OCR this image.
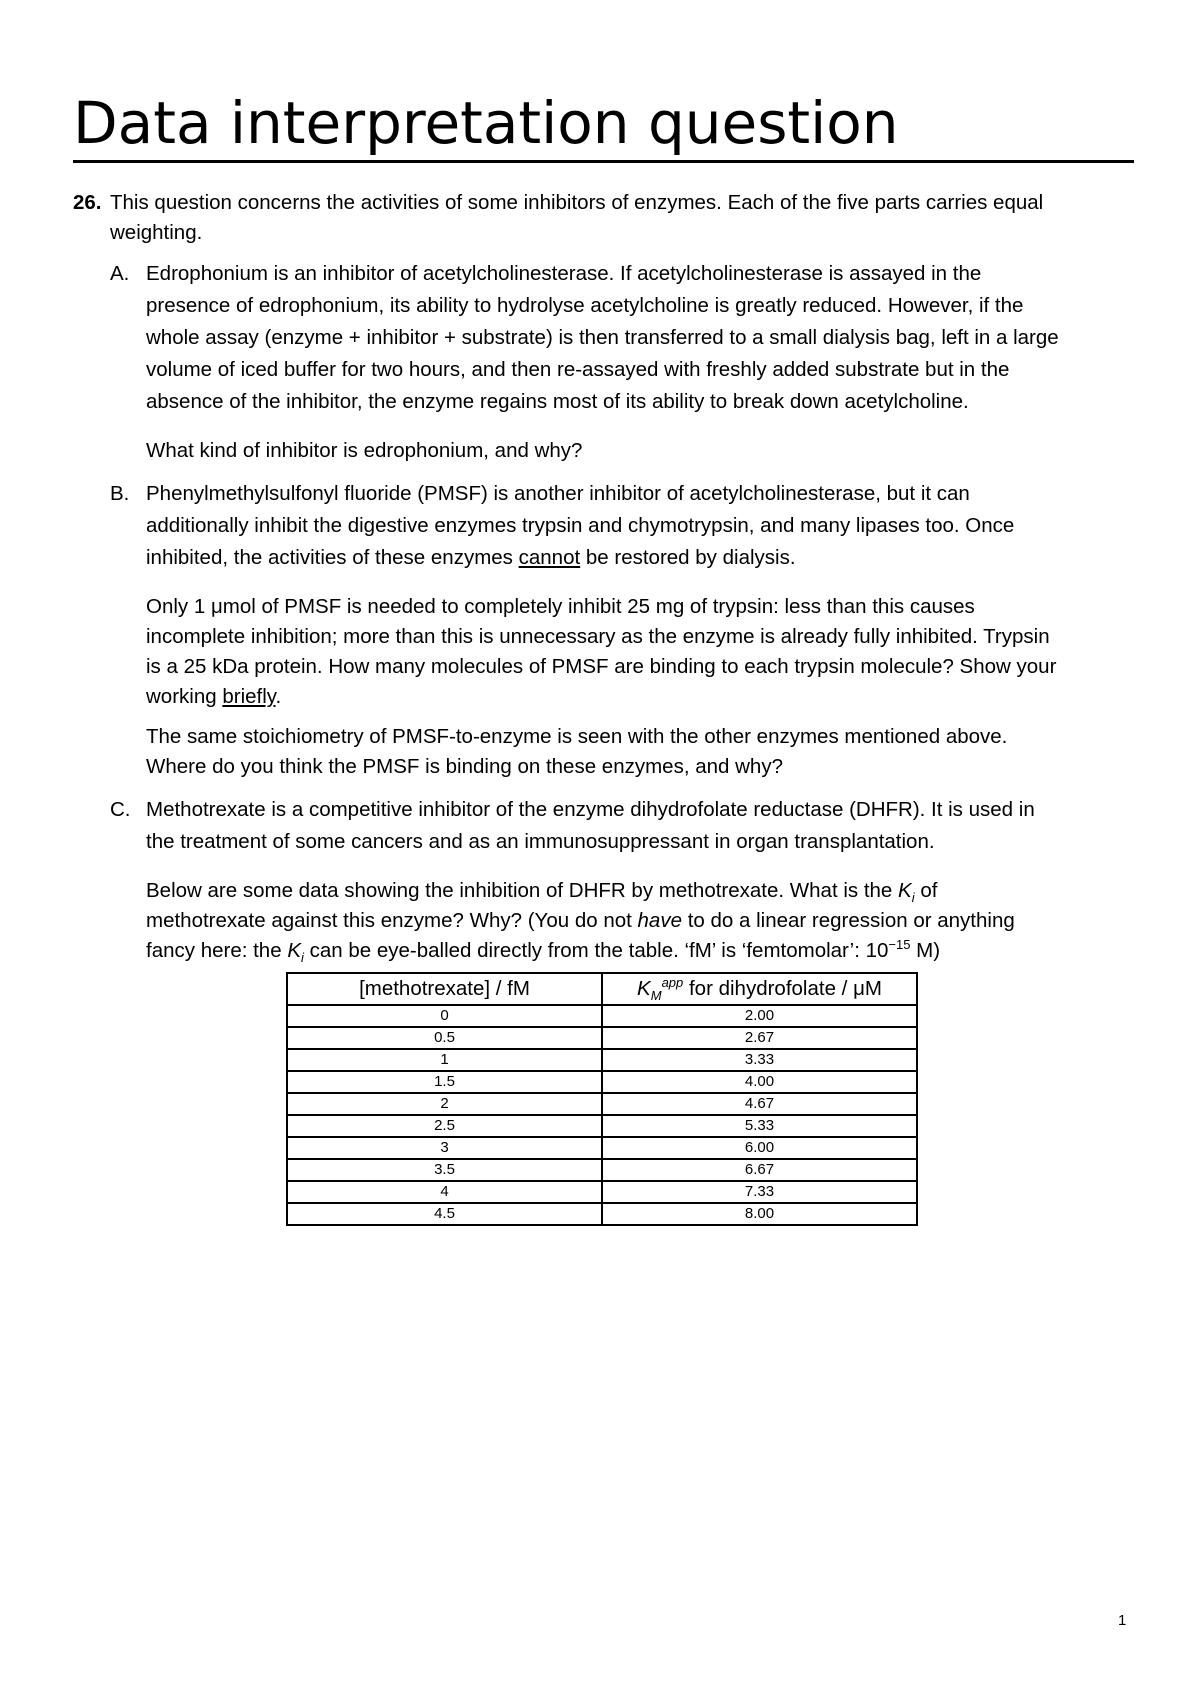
Data interpretation question
26. This question concerns the activities of some inhibitors of enzymes. Each of the five parts carries equal

weighting.

A. Edrophonium is an inhibitor of acetylcholinesterase. If acetylcholinesterase is assayed in the

presence of edrophonium, its ability to hydrolyse acetylcholine is greatly reduced. However, if the

whole assay (enzyme + inhibitor + substrate) is then transferred to a small dialysis bag, left in a large

volume of iced buffer for two hours, and then re-assayed with freshly added substrate but in the

absence of the inhibitor, the enzyme regains most of its ability to break down acetylcholine.

What kind of inhibitor is edrophonium, and why?

B. Phenylmethylsulfonyl fluoride (PMSF) is another inhibitor of acetylcholinesterase, but it can

additionally inhibit the digestive enzymes trypsin and chymotrypsin, and many lipases too. Once

inhibited, the activities of these enzymes cannot be restored by dialysis.

Only 1 μmol of PMSF is needed to completely inhibit 25 mg of trypsin: less than this causes

incomplete inhibition; more than this is unnecessary as the enzyme is already fully inhibited. Trypsin

is a 25 kDa protein. How many molecules of PMSF are binding to each trypsin molecule? Show your

working briefly.

The same stoichiometry of PMSF-to-enzyme is seen with the other enzymes mentioned above.

Where do you think the PMSF is binding on these enzymes, and why?

C. Methotrexate is a competitive inhibitor of the enzyme dihydrofolate reductase (DHFR). It is used in

the treatment of some cancers and as an immunosuppressant in organ transplantation.

Below are some data showing the inhibition of DHFR by methotrexate. What is the $K_i$ of

methotrexate against this enzyme? Why? (You do not have to do a linear regression or anything

fancy here: the $K_i$ can be eye-balled directly from the table. ‘fM’ is ‘femtomolar’: $10^{-15}$ M)

[methotrexate] / fM	$K_M^{app}$ for dihydrofolate / μM
0	2.00
0.5	2.67
1	3.33
1.5	4.00
2	4.67
2.5	5.33
3	6.00
3.5	6.67
4	7.33
4.5	8.00
1
